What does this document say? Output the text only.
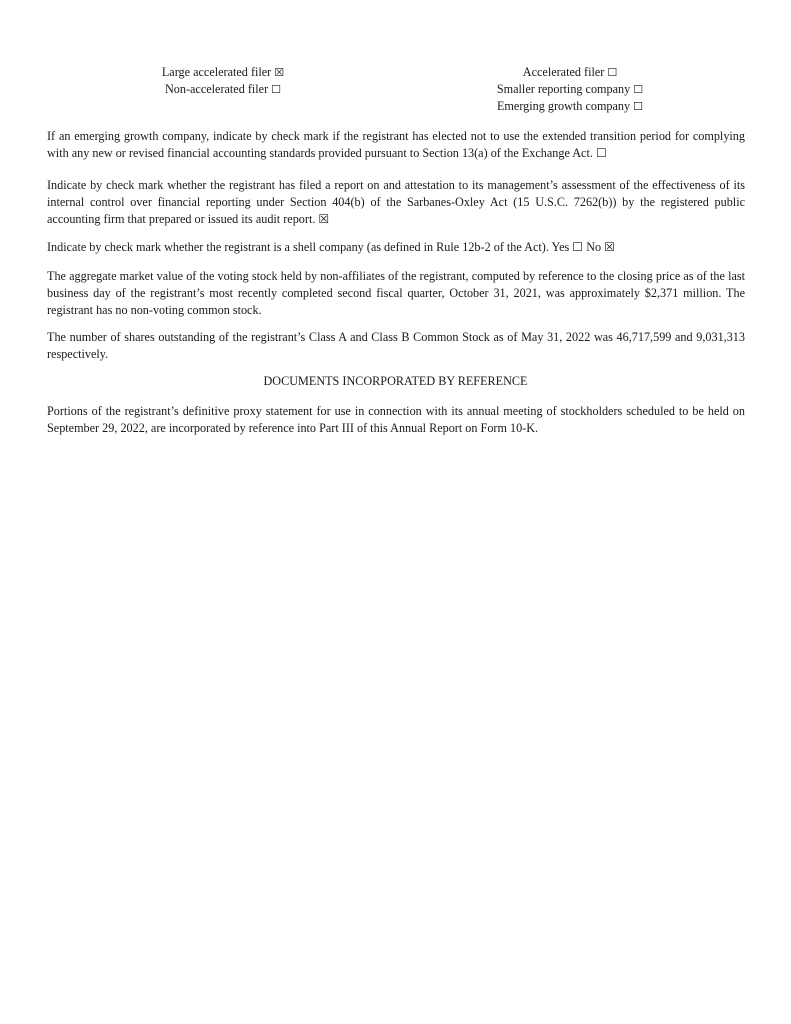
Large accelerated filer ☒
Non-accelerated filer ☐
Accelerated filer ☐
Smaller reporting company ☐
Emerging growth company ☐

If an emerging growth company, indicate by check mark if the registrant has elected not to use the extended transition period for complying with any new or revised financial accounting standards provided pursuant to Section 13(a) of the Exchange Act. ☐

Indicate by check mark whether the registrant has filed a report on and attestation to its management’s assessment of the effectiveness of its internal control over financial reporting under Section 404(b) of the Sarbanes-Oxley Act (15 U.S.C. 7262(b)) by the registered public accounting firm that prepared or issued its audit report. ☒

Indicate by check mark whether the registrant is a shell company (as defined in Rule 12b-2 of the Act). Yes ☐ No ☒

The aggregate market value of the voting stock held by non-affiliates of the registrant, computed by reference to the closing price as of the last business day of the registrant’s most recently completed second fiscal quarter, October 31, 2021, was approximately $2,371 million. The registrant has no non-voting common stock.

The number of shares outstanding of the registrant’s Class A and Class B Common Stock as of May 31, 2022 was 46,717,599 and 9,031,313 respectively.

DOCUMENTS INCORPORATED BY REFERENCE

Portions of the registrant’s definitive proxy statement for use in connection with its annual meeting of stockholders scheduled to be held on September 29, 2022, are incorporated by reference into Part III of this Annual Report on Form 10-K.
